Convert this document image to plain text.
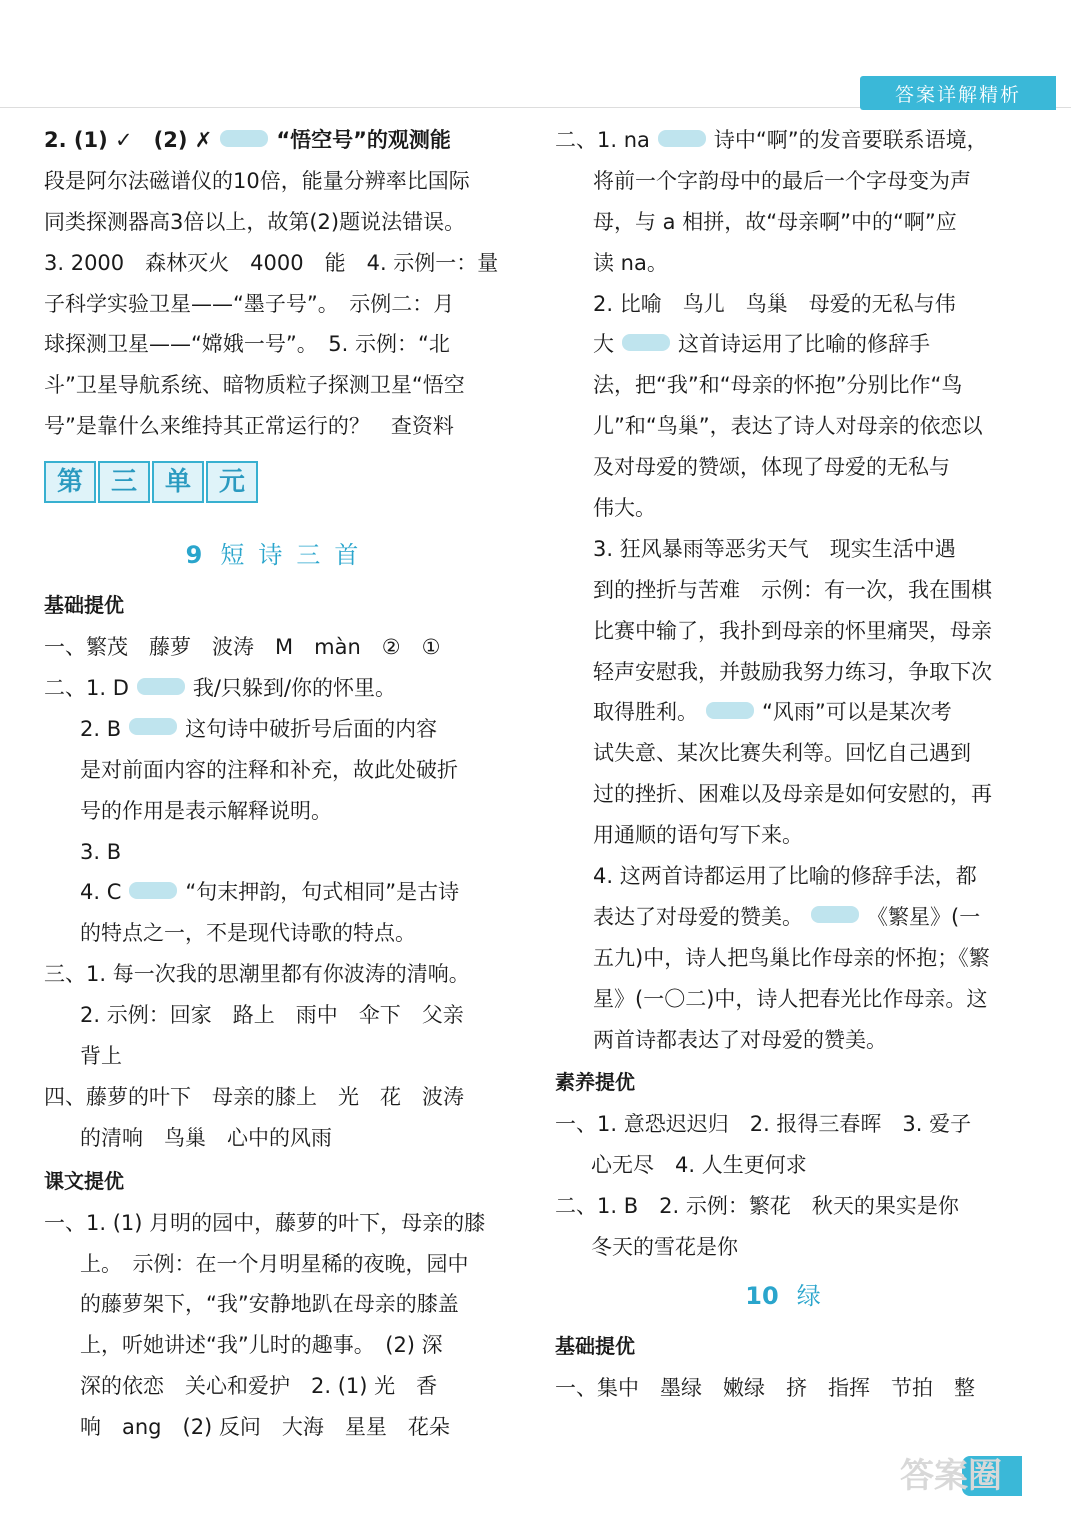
答案详解精析
2. (1) ✓　(2) ✗	“悟空号”的观测能
段是阿尔法磁谱仪的10倍，能量分辨率比国际
同类探测器高3倍以上，故第(2)题说法错误。
3. 2000　森林灭火　4000　能　4. 示例一：量
子科学实验卫星——“墨子号”。　示例二：月
球探测卫星——“嫦娥一号”。　5. 示例：“北
斗”卫星导航系统、暗物质粒子探测卫星“悟空
号”是靠什么来维持其正常运行的？　查资料
第	三	单	元
9 短诗三首
基础提优
一、繁茂　藤萝　波涛　M　màn　②　①
二、1. D	我/只躲到/你的怀里。
2. B	这句诗中破折号后面的内容
是对前面内容的注释和补充，故此处破折
号的作用是表示解释说明。
3. B
4. C	“句末押韵，句式相同”是古诗
的特点之一，不是现代诗歌的特点。
三、1. 每一次我的思潮里都有你波涛的清响。
2. 示例：回家　路上　雨中　伞下　父亲
背上
四、藤萝的叶下　母亲的膝上　光　花　波涛
的清响　鸟巢　心中的风雨
课文提优
一、1. (1) 月明的园中，藤萝的叶下，母亲的膝
上。　示例：在一个月明星稀的夜晚，园中
的藤萝架下，“我”安静地趴在母亲的膝盖
上，听她讲述“我”儿时的趣事。　(2) 深
深的依恋　关心和爱护　2. (1) 光　香
响　ang　(2) 反问　大海　星星　花朵
二、1. na	诗中“啊”的发音要联系语境，
将前一个字韵母中的最后一个字母变为声
母，与 a 相拼，故“母亲啊”中的“啊”应
读 na。
2. 比喻　鸟儿　鸟巢　母爱的无私与伟
大	这首诗运用了比喻的修辞手
法，把“我”和“母亲的怀抱”分别比作“鸟
儿”和“鸟巢”，表达了诗人对母亲的依恋以
及对母爱的赞颂，体现了母爱的无私与
伟大。
3. 狂风暴雨等恶劣天气　现实生活中遇
到的挫折与苦难　示例：有一次，我在围棋
比赛中输了，我扑到母亲的怀里痛哭，母亲
轻声安慰我，并鼓励我努力练习，争取下次
取得胜利。	“风雨”可以是某次考
试失意、某次比赛失利等。回忆自己遇到
过的挫折、困难以及母亲是如何安慰的，再
用通顺的语句写下来。
4. 这两首诗都运用了比喻的修辞手法，都
表达了对母爱的赞美。	《繁星》(一
五九)中，诗人把鸟巢比作母亲的怀抱；《繁
星》(一〇二)中，诗人把春光比作母亲。这
两首诗都表达了对母爱的赞美。
素养提优
一、1. 意恐迟迟归　2. 报得三春晖　3. 爱子
心无尽　4. 人生更何求
二、1. B　2. 示例：繁花　秋天的果实是你
冬天的雪花是你
10 绿
基础提优
一、集中　墨绿　嫩绿　挤　指挥　节拍　整
答案圈
